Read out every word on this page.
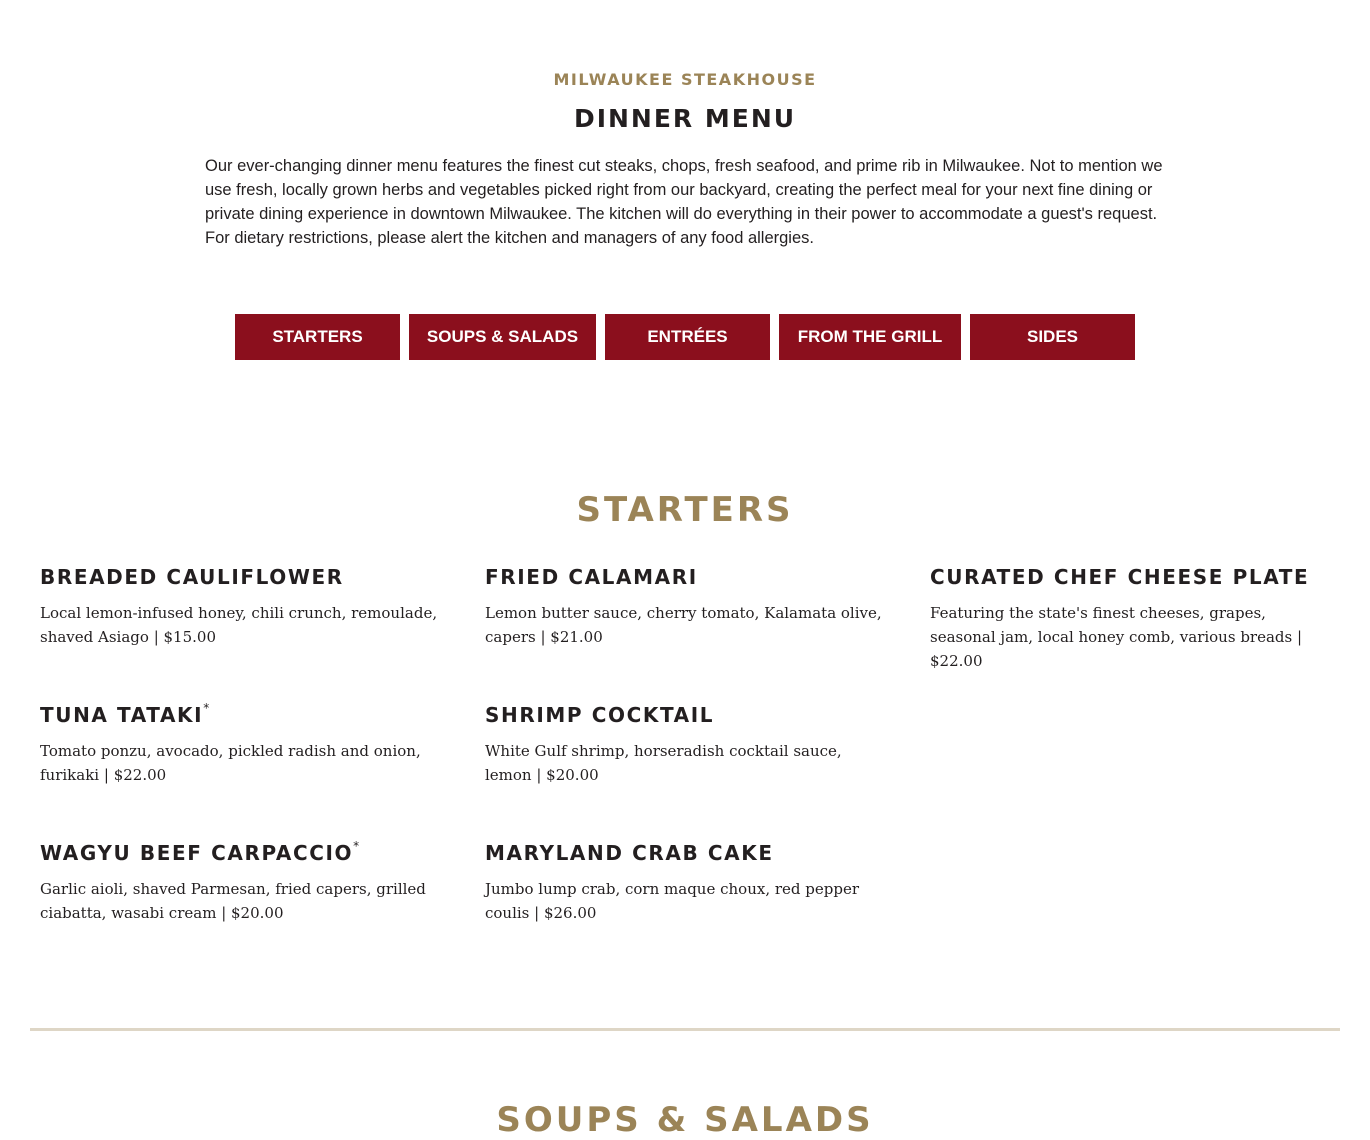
MILWAUKEE STEAKHOUSE
DINNER MENU

Our ever-changing dinner menu features the finest cut steaks, chops, fresh seafood, and prime rib in Milwaukee. Not to mention we use fresh, locally grown herbs and vegetables picked right from our backyard, creating the perfect meal for your next fine dining or private dining experience in downtown Milwaukee. The kitchen will do everything in their power to accommodate a guest's request. For dietary restrictions, please alert the kitchen and managers of any food allergies.

STARTERS	SOUPS & SALADS	ENTRÉES	FROM THE GRILL	SIDES
STARTERS
BREADED CAULIFLOWER
Local lemon-infused honey, chili crunch, remoulade, shaved Asiago | $15.00
FRIED CALAMARI
Lemon butter sauce, cherry tomato, Kalamata olive, capers | $21.00
CURATED CHEF CHEESE PLATE
Featuring the state's finest cheeses, grapes, seasonal jam, local honey comb, various breads | $22.00
TUNA TATAKI*
Tomato ponzu, avocado, pickled radish and onion, furikaki | $22.00
SHRIMP COCKTAIL
White Gulf shrimp, horseradish cocktail sauce, lemon | $20.00
WAGYU BEEF CARPACCIO*
Garlic aioli, shaved Parmesan, fried capers, grilled ciabatta, wasabi cream | $20.00
MARYLAND CRAB CAKE
Jumbo lump crab, corn maque choux, red pepper coulis | $26.00
SOUPS & SALADS
